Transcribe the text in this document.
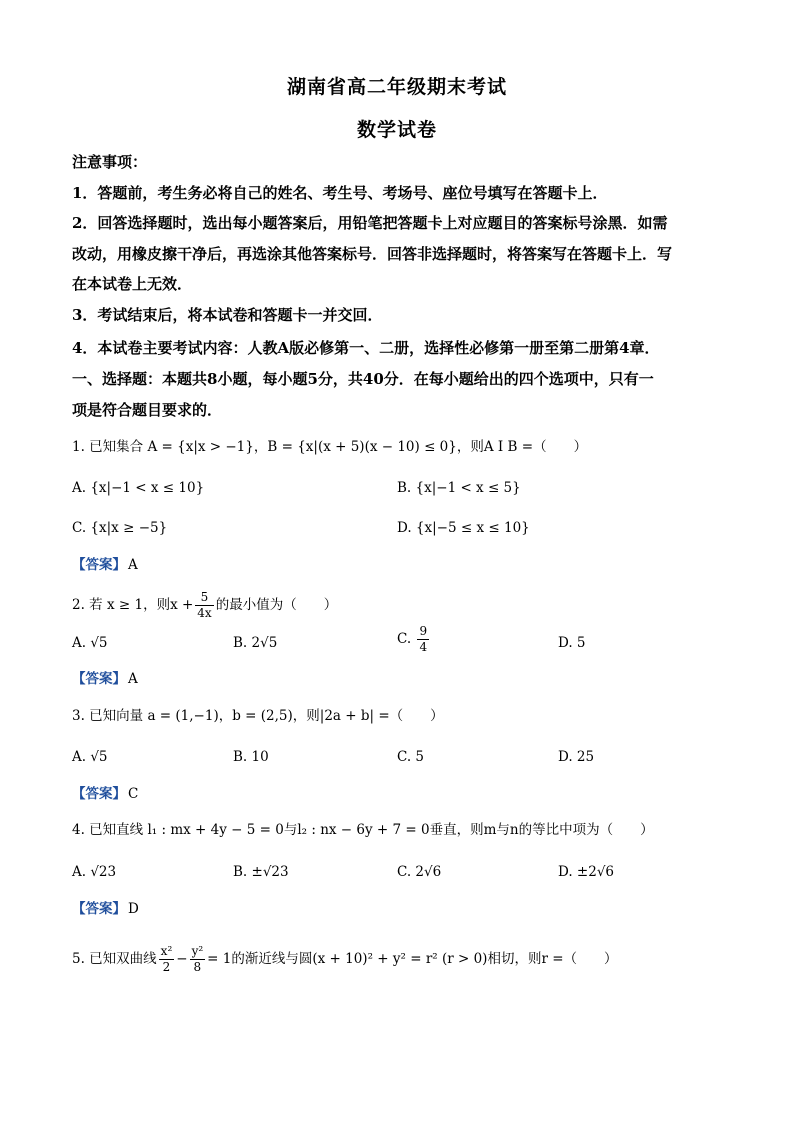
湖南省高二年级期末考试
数学试卷
注意事项：
1．答题前，考生务必将自己的姓名、考生号、考场号、座位号填写在答题卡上．
2．回答选择题时，选出每小题答案后，用铅笔把答题卡上对应题目的答案标号涂黑．如需
改动，用橡皮擦干净后，再选涂其他答案标号．回答非选择题时，将答案写在答题卡上．写
在本试卷上无效．
3．考试结束后，将本试卷和答题卡一并交回．
4．本试卷主要考试内容：人教A版必修第一、二册，选择性必修第一册至第二册第4章．
一、选择题：本题共8小题，每小题5分，共40分．在每小题给出的四个选项中，只有一
项是符合题目要求的．
1. 已知集合 A = {x|x > −1}，B = {x|(x + 5)(x − 10) ≤ 0}，则A I B =（　　）
A. {x|−1 < x ≤ 10}	B. {x|−1 < x ≤ 5}
C. {x|x ≥ −5}	D. {x|−5 ≤ x ≤ 10}
【答案】 A
2. 若 x ≥ 1，则$x + \frac{5}{4x}$ 的最小值为（　　）
A. √5	B. 2√5	C. $\frac{9}{4}$	D. 5
【答案】 A
3. 已知向量 a = (1,−1)，b = (2,5)，则|2a + b| =（　　）
A. √5	B. 10	C. 5	D. 25
【答案】 C
4. 已知直线 l₁ : mx + 4y − 5 = 0与l₂ : nx − 6y + 7 = 0垂直，则m与n的等比中项为（　　）
A. √23	B. ±√23	C. 2√6	D. ±2√6
【答案】 D
5. 已知双曲线 $\frac{\text{x²}}{2} - \frac{\text{y²}}{8} = 1$的渐近线与圆(x + 10)² + y² = r² (r > 0)相切，则r =（　　）
